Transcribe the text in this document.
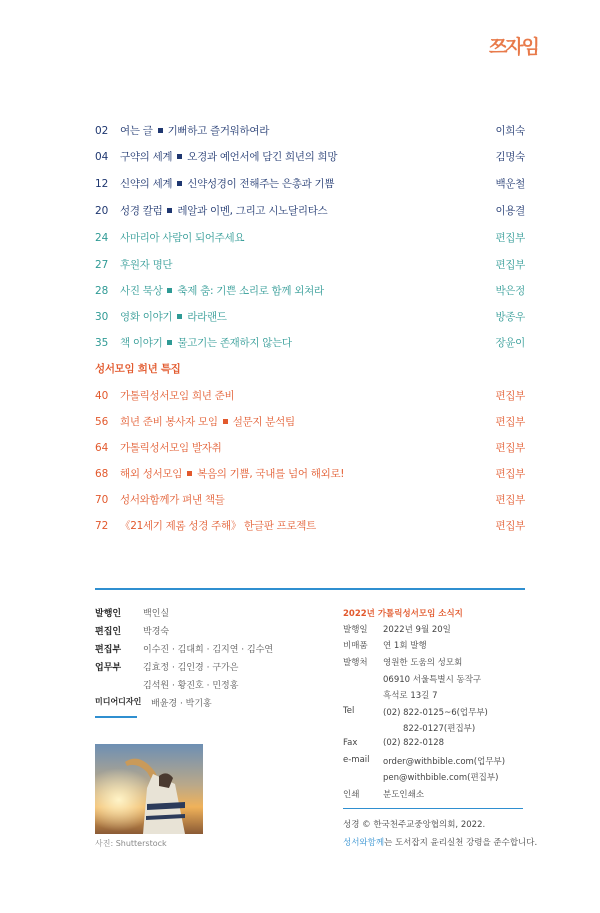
쯔자임
02	여는 글 기뻐하고 즐거워하여라	이희숙
04	구약의 세계 오경과 예언서에 담긴 희년의 희망	김명숙
12	신약의 세계 신약성경이 전해주는 은총과 기쁨	백운철
20	성경 칼럼 레알과 이멘, 그리고 시노달리타스	이용결
24	사마리아 사람이 되어주세요	편집부
27	후원자 명단	편집부
28	사진 묵상 축제 춤: 기쁜 소리로 함께 외쳐라	박은정
30	영화 이야기 라라랜드	방종우
35	책 이야기 물고기는 존재하지 않는다	장윤이
성서모임 희년 특집
40	가톨릭성서모임 희년 준비	편집부
56	희년 준비 봉사자 모임 설문지 분석팀	편집부
64	가톨릭성서모임 발자취	편집부
68	해외 성서모임 복음의 기쁨, 국내를 넘어 해외로!	편집부
70	성서와함께가 펴낸 책들	편집부
72	《21세기 제롬 성경 주해》 한글판 프로젝트	편집부
발행인 백인실
편집인 박경숙
편집부 이수진 · 김대희 · 김지연 · 김수연
업무부 김효정 · 김인경 · 구가은
김석원 · 황진호 · 민정홍
미디어디자인 배윤경 · 박기홍
사진: Shutterstock
2022년 가톨릭성서모임 소식지
발행일 2022년 9월 20일
비매품 연 1회 발행
발행처 영원한 도움의 성모회
06910 서울특별시 동작구
흑석로 13길 7
Tel	(02) 822-0125~6(업무부)
822-0127(편집부)
Fax	(02) 822-0128
e-mail order@withbible.com(업무부)
pen@withbible.com(편집부)
인쇄	분도인쇄소
성경 © 한국천주교중앙협의회, 2022.
성서와함께는 도서잡지 윤리실천 강령을 준수합니다.
